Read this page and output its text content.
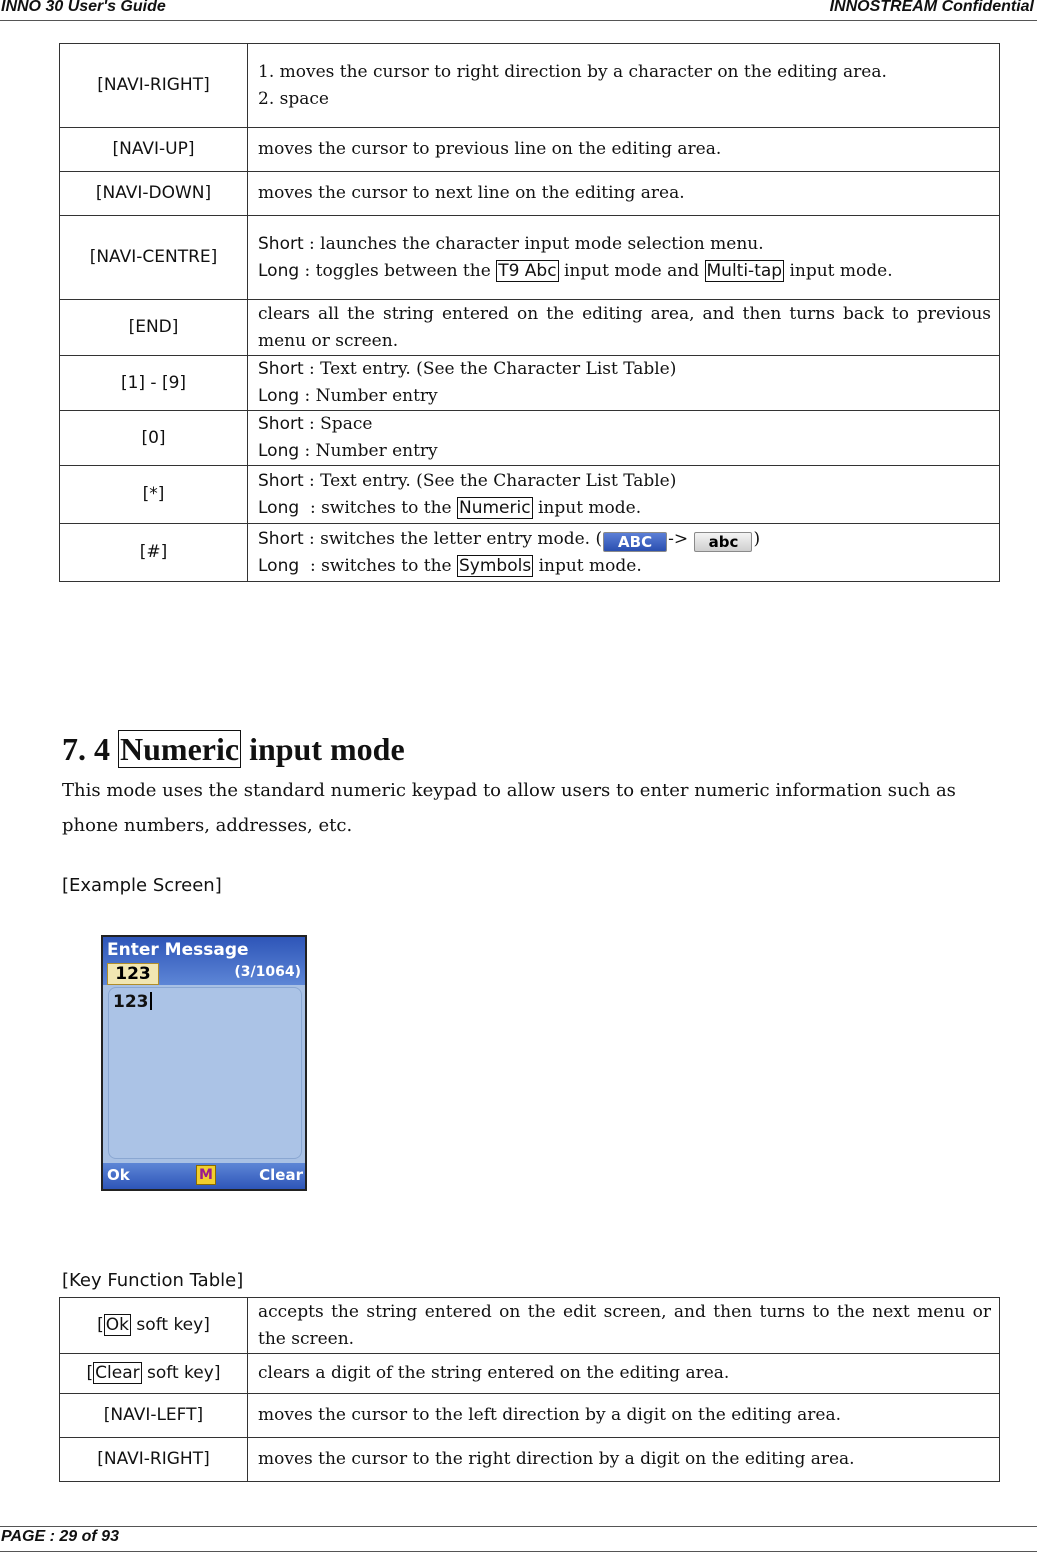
INNO 30 User's Guide	INNOSTREAM Confidential
[NAVI-RIGHT]	1. moves the cursor to right direction by a character on the editing area.
2. space

[NAVI-UP]	moves the cursor to previous line on the editing area.
[NAVI-DOWN]	moves the cursor to next line on the editing area.
[NAVI-CENTRE]	Short : launches the character input mode selection menu.
Long : toggles between the T9 Abc input mode and Multi-tap input mode.

[END]	clears all the string entered on the editing area, and then turns back to previous menu or screen.
[1] - [9]	Short : Text entry. (See the Character List Table)
Long : Number entry

[0]	Short : Space
Long : Number entry

[*]	Short : Text entry. (See the Character List Table)
Long  : switches to the Numeric input mode.

[#]	Short : switches the letter entry mode. ( ABC -> abc )
Long  : switches to the Symbols input mode.
7. 4 Numeric input mode

This mode uses the standard numeric keypad to allow users to enter numeric information such as phone numbers, addresses, etc.

[Example Screen]
Enter Message
123	(3/1064)
123
Ok	M	Clear
[Key Function Table]
[ Ok soft key]	accepts the string entered on the edit screen, and then turns to the next menu or the screen.
[ Clear soft key]	clears a digit of the string entered on the editing area.
[NAVI-LEFT]	moves the cursor to the left direction by a digit on the editing area.
[NAVI-RIGHT]	moves the cursor to the right direction by a digit on the editing area.
PAGE : 29 of 93
